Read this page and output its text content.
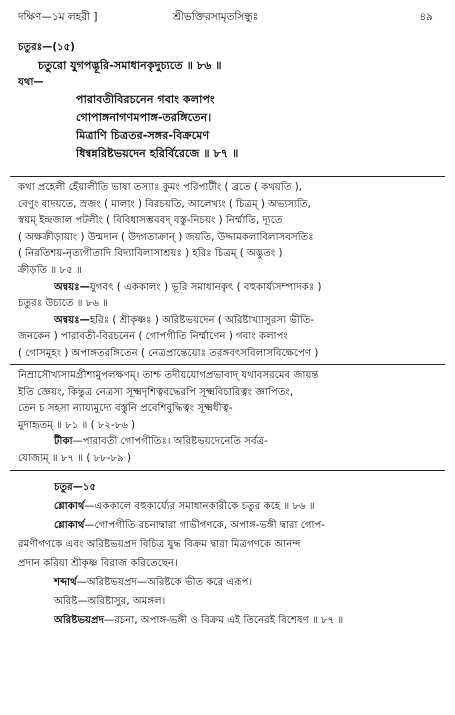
দক্ষিণ—১ম লহরী ]	শ্রীভক্তিরসামৃতসিন্ধুঃ	৪৯
চতুরঃ—(১৫)
চতুরো যুগপদ্ভূরি-সমাধানকৃদুচ্যতে ॥ ৮৬ ॥
যথা—
পারাবতীবিরচনেন গবাং কলাপং
গোপাঙ্গনাগণমপাঙ্গ-তরঙ্গিতেন।
মিত্রাণি চিত্রতর-সঙ্গর-বিক্রমেণ
ধিন্বন্নরিষ্টভয়দেন হরির্বিরেজে ॥ ৮৭ ॥
কথা প্রহেলী হেঁয়ালীতি ভাষা তস্যাঃ কুমং পরিপাটীং ( ব্রতে ( কথয়তি ),
বেণুং বাদয়তে, স্রজং ( মালাং ) বিরচয়তি, আলেখ্যং ( চিত্রম্ ) অভ্যস্যতি,
স্বয়ম্ ইন্দ্রজাল পটলীং ( বিবিধাসম্ভববদ্ বস্তু-নিচয়ং ) নির্ম্মাতি, দ্যূতে
( অক্ষক্রীড়ায়াং ) উন্মদান ( উদ্গতাক্রান্ ) জয়তি, উদ্দামকলাবিলাসবসতিঃ
( নিরতিশয়-নৃত্যগীতাদি বিদ্যাবিলাসাশ্রয়ঃ ) হরিঃ চিত্রম্ ( অদ্ভুতং )
ক্রীড়তি ॥ ৮৫ ॥
অন্বয়ঃ—যুগবৎ ( এককালং ) ভূরি সমাধানকৃৎ ( বহুকার্য্যসম্পাদকঃ )
চতুরঃ উচ্যতে ॥ ৮৬ ॥
অন্বয়ঃ—হরিঃ ( শ্রীকৃষ্ণঃ ) অরিষ্টভয়দেন ( অরিষ্টাখ্যাসুরস্য ভীতি-
জনকেন ) পারাবতী-বিরচনেন ( গোপগীতি নির্ম্মাণেন ) গবাং কলাপং
( গোসমূহং ) অপাঙ্গতরঙ্গিতেন ( নেত্রপ্রান্তেয়োঃ তরঙ্গবৎসবিলাসবিক্ষেপেণ )
নিম্রাসৌখ্যসামগ্রীশামুপলক্ষণম্। তাশ্চ তদীয়যোগপ্রভাবাদ্ যথাবসরমেব জায়ন্ত
ইতি জ্ঞেয়ং, কিন্তুত্র নেত্রস্য সূক্ষ্মদৃশিত্ববদ্ধেরপি সূক্ষ্মবিচারিত্বং জ্ঞাপিতং,
তেন চ সহসা ন্যায্যমুদ্যে বস্তুনি প্রবেশিবুদ্ধিত্বং সূক্ষ্মধীত্ব-
মুদাহৃতম্ ॥ ৮১ ॥ ( ৮২-৮৬ )
টীকা—পারাবতী গোপগীতিঃ। অরিষ্টভয়দেনেতি সর্বত্র-
যোজ্যম্ ॥ ৮৭ ॥ ( ৮৮-৮৯ )
চতুর—১৫
শ্লোকার্থ—এককালে বহুকার্য্যের সমাধানকারীকে চতুর কহে ॥ ৮৬ ॥
শ্লোকার্থ—গোপগীতি রচনাদ্বারা গাভীগণকে, অপাঙ্গ-ভঙ্গী দ্বারা গোপ-
রমণীগণকে এবং অরিষ্টভয়প্রদ বিচিত্র যুদ্ধ বিক্রম দ্বারা মিত্রগণকে আনন্দ
প্রদান করিয়া শ্রীকৃষ্ণ বিরাজ করিতেছেন।
শব্দার্থ—অরিষ্টভয়প্রদ—অরিষ্টকে ভীত করে এরূপ।
অরিষ্ট—অরিষ্টাসুর, অমঙ্গল।
অরিষ্টভয়প্রদ—রচনা, অপাঙ্গ-ভঙ্গী ও বিক্রম এই তিনেরই বিশেষণ ॥ ৮৭ ॥
